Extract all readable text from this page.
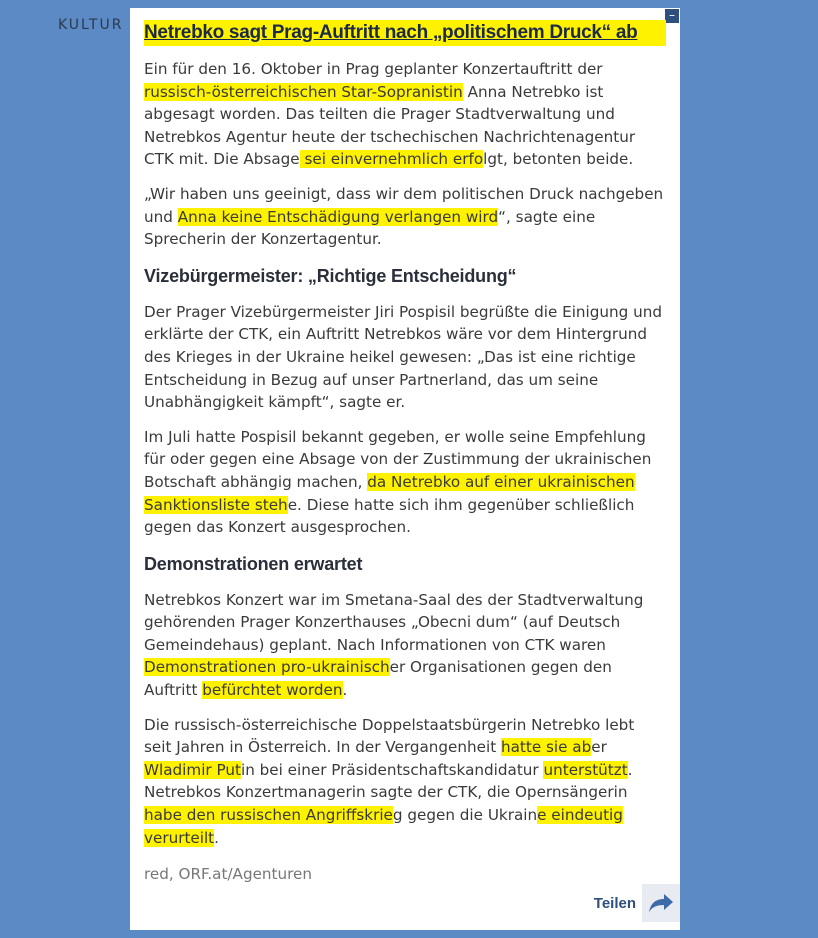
KULTUR
–
Netrebko sagt Prag-Auftritt nach „politischem Druck“ ab

Ein für den 16. Oktober in Prag geplanter Konzertauftritt der russisch-österreichischen Star-Sopranistin Anna Netrebko ist abgesagt worden. Das teilten die Prager Stadtverwaltung und Netrebkos Agentur heute der tschechischen Nachrichtenagentur CTK mit. Die Absage sei einvernehmlich erfolgt, betonten beide.

„Wir haben uns geeinigt, dass wir dem politischen Druck nachgeben und Anna keine Entschädigung verlangen wird“, sagte eine Sprecherin der Konzertagentur.

Vizebürgermeister: „Richtige Entscheidung“

Der Prager Vizebürgermeister Jiri Pospisil begrüßte die Einigung und erklärte der CTK, ein Auftritt Netrebkos wäre vor dem Hintergrund des Krieges in der Ukraine heikel gewesen: „Das ist eine richtige Entscheidung in Bezug auf unser Partnerland, das um seine Unabhängigkeit kämpft“, sagte er.

Im Juli hatte Pospisil bekannt gegeben, er wolle seine Empfehlung für oder gegen eine Absage von der Zustimmung der ukrainischen Botschaft abhängig machen, da Netrebko auf einer ukrainischen Sanktionsliste stehe. Diese hatte sich ihm gegenüber schließlich gegen das Konzert ausgesprochen.

Demonstrationen erwartet

Netrebkos Konzert war im Smetana-Saal des der Stadtverwaltung gehörenden Prager Konzerthauses „Obecni dum“ (auf Deutsch Gemeindehaus) geplant. Nach Informationen von CTK waren Demonstrationen pro-ukrainischer Organisationen gegen den Auftritt befürchtet worden.

Die russisch-österreichische Doppelstaatsbürgerin Netrebko lebt seit Jahren in Österreich. In der Vergangenheit hatte sie aber Wladimir Putin bei einer Präsidentschaftskandidatur unterstützt. Netrebkos Konzertmanagerin sagte der CTK, die Opernsängerin habe den russischen Angriffskrieg gegen die Ukraine eindeutig verurteilt.

red, ORF.at/Agenturen
Teilen
